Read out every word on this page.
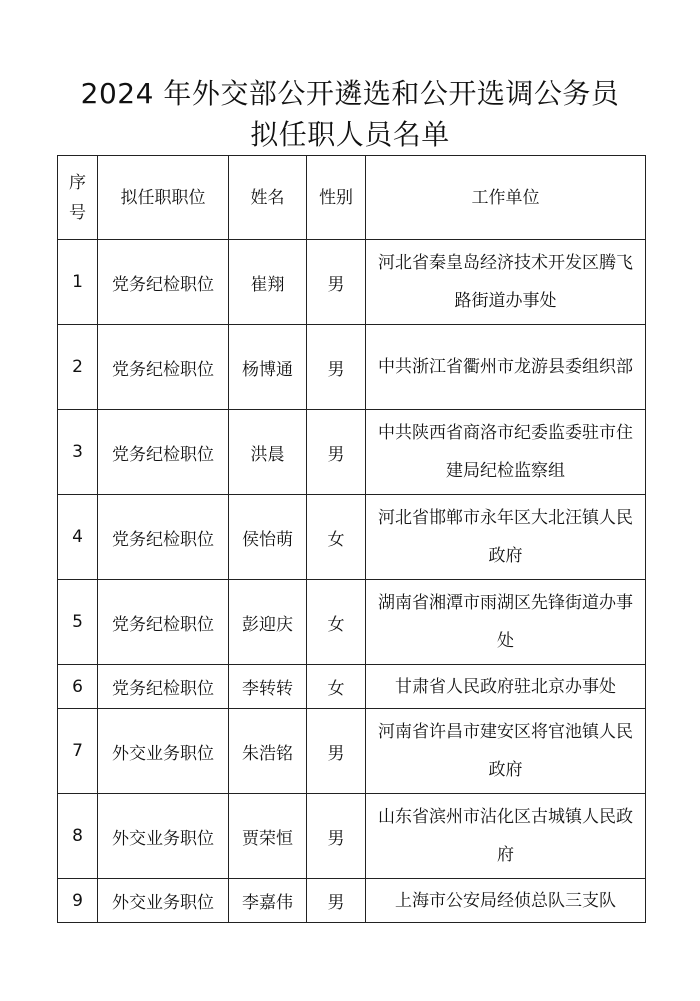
2024 年外交部公开遴选和公开选调公务员
拟任职人员名单
序号	拟任职职位	姓名	性别	工作单位
1	党务纪检职位	崔翔	男	河北省秦皇岛经济技术开发区腾飞路街道办事处
2	党务纪检职位	杨博通	男	中共浙江省衢州市龙游县委组织部
3	党务纪检职位	洪晨	男	中共陕西省商洛市纪委监委驻市住建局纪检监察组
4	党务纪检职位	侯怡萌	女	河北省邯郸市永年区大北汪镇人民政府
5	党务纪检职位	彭迎庆	女	湖南省湘潭市雨湖区先锋街道办事处
6	党务纪检职位	李转转	女	甘肃省人民政府驻北京办事处
7	外交业务职位	朱浩铭	男	河南省许昌市建安区将官池镇人民政府
8	外交业务职位	贾荣恒	男	山东省滨州市沾化区古城镇人民政府
9	外交业务职位	李嘉伟	男	上海市公安局经侦总队三支队
